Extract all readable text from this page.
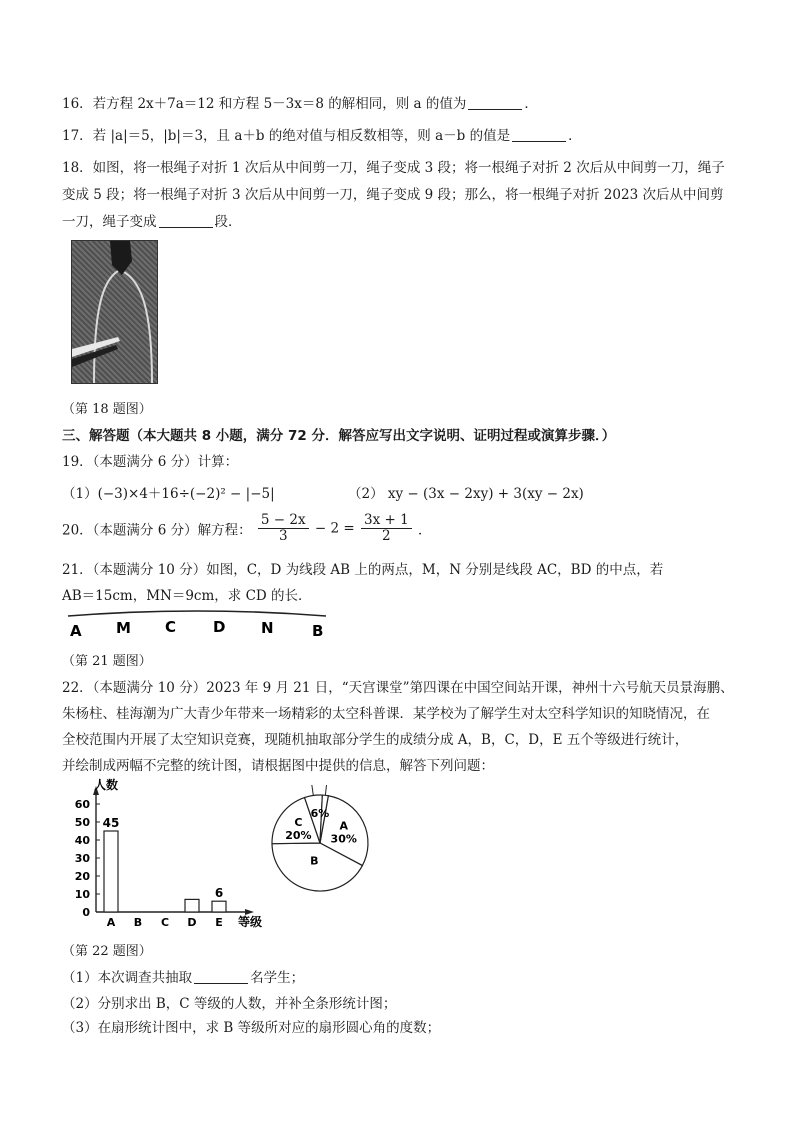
16．若方程 2x＋7a＝12 和方程 5－3x＝8 的解相同，则 a 的值为	．
17．若 |a|＝5，|b|＝3，且 a＋b 的绝对值与相反数相等，则 a－b 的值是	．
18．如图，将一根绳子对折 1 次后从中间剪一刀，绳子变成 3 段；将一根绳子对折 2 次后从中间剪一刀，绳子
变成 5 段；将一根绳子对折 3 次后从中间剪一刀，绳子变成 9 段；那么，将一根绳子对折 2023 次后从中间剪
一刀，绳子变成	段．
（第 18 题图）
三、解答题（本大题共 8 小题，满分 72 分．解答应写出文字说明、证明过程或演算步骤．）
19．（本题满分 6 分）计算：
（1）(−3)×4＋16÷(−2)² − |−5|	（2） xy − (3x − 2xy) + 3(xy − 2x)
20．（本题满分 6 分）解方程： $\frac{5 - 2x}{3} - 2 = \frac{3x + 1}{2}$ ．
21．（本题满分 10 分）如图，C，D 为线段 AB 上的两点，M，N 分别是线段 AC，BD 的中点，若
AB＝15cm，MN＝9cm，求 CD 的长．
A M C D N	B
（第 21 题图）
22．（本题满分 10 分）2023 年 9 月 21 日，“天宫课堂”第四课在中国空间站开课，神州十六号航天员景海鹏、
朱杨柱、桂海潮为广大青少年带来一场精彩的太空科普课．某学校为了解学生对太空科学知识的知晓情况，在
全校范围内开展了太空知识竞赛，现随机抽取部分学生的成绩分成 A，B，C，D，E 五个等级进行统计，
并绘制成两幅不完整的统计图，请根据图中提供的信息，解答下列问题：
人数
等级
0
10
20
30
40
50
60
A B C D E
45
6
A
30%
B
C
20%
6%
（第 22 题图）
（1）本次调查共抽取	名学生；
（2）分别求出 B，C 等级的人数，并补全条形统计图；
（3）在扇形统计图中，求 B 等级所对应的扇形圆心角的度数；
